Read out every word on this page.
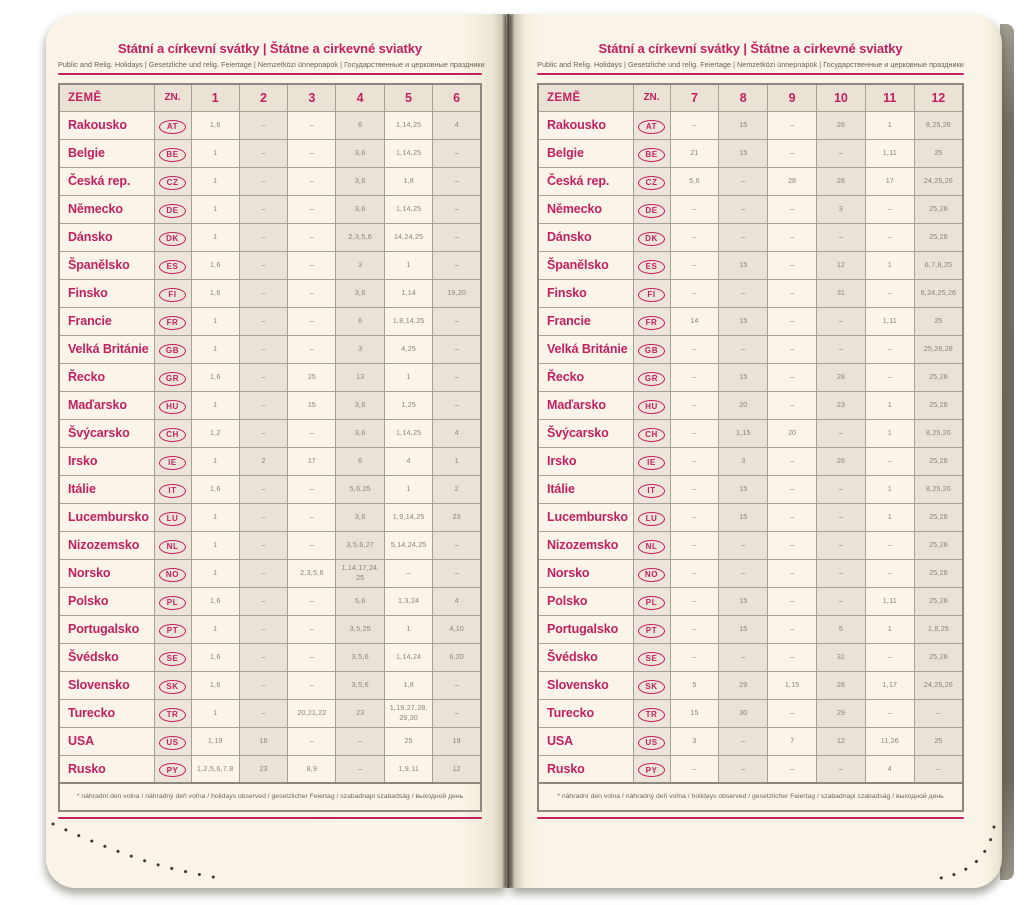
Státní a církevní svátky | Štátne a cirkevné sviatky
Public and Relig. Holidays | Gesetzliche und relig. Feiertage | Nemzetközi ünnepnapok | Государственные и церковные праздники
ZEMĚ	ZN.	1	2	3	4	5	6
Rakousko	AT	1, 6	–	–	6	1, 14, 25	4
Belgie	BE	1	–	–	3, 6	1, 14, 25	–
Česká rep.	CZ	1	–	–	3, 6	1, 8	–
Německo	DE	1	–	–	3, 6	1, 14, 25	–
Dánsko	DK	1	–	–	2, 3, 5, 6	14, 24, 25	–
Španělsko	ES	1, 6	–	–	3	1	–
Finsko	FI	1, 6	–	–	3, 6	1, 14	19, 20
Francie	FR	1	–	–	6	1, 8, 14, 25	–
Velká Británie	GB	1	–	–	3	4, 25	–
Řecko	GR	1, 6	–	25	13	1	–
Maďarsko	HU	1	–	15	3, 6	1, 25	–
Švýcarsko	CH	1, 2	–	–	3, 6	1, 14, 25	4
Irsko	IE	1	2	17	6	4	1
Itálie	IT	1, 6	–	–	5, 6, 25	1	2
Lucembursko	LU	1	–	–	3, 6	1, 9, 14, 25	23
Nizozemsko	NL	1	–	–	3, 5, 6, 27	5, 14, 24, 25	–
Norsko	NO	1	–	2, 3, 5, 6	1, 14, 17, 24, 25	–	–
Polsko	PL	1, 6	–	–	5, 6	1, 3, 24	4
Portugalsko	PT	1	–	–	3, 5, 25	1	4, 10
Švédsko	SE	1, 6	–	–	3, 5, 6	1, 14, 24	6, 20
Slovensko	SK	1, 6	–	–	3, 5, 6	1, 8	–
Turecko	TR	1	–	20, 21, 22	23	1, 19, 27, 28, 29, 30	–
USA	US	1, 19	16	–	–	25	19
Rusko	PY	1, 2, 5, 6, 7, 8	23	8, 9	–	1, 9, 11	12
* náhradní den volna / náhradný deň voľna / holidays observed / gesetzlicher Feiertag / szabadnapi szabadság / выходной день
Státní a církevní svátky | Štátne a cirkevné sviatky
Public and Relig. Holidays | Gesetzliche und relig. Feiertage | Nemzetközi ünnepnapok | Государственные и церковные праздники
ZEMĚ	ZN.	7	8	9	10	11	12
Rakousko	AT	–	15	–	26	1	8, 25, 26
Belgie	BE	21	15	–	–	1, 11	25
Česká rep.	CZ	5, 6	–	28	28	17	24, 25, 26
Německo	DE	–	–	–	3	–	25, 26
Dánsko	DK	–	–	–	–	–	25, 26
Španělsko	ES	–	15	–	12	1	6, 7, 8, 25
Finsko	FI	–	–	–	31	–	6, 24, 25, 26
Francie	FR	14	15	–	–	1, 11	25
Velká Británie	GB	–	–	–	–	–	25, 26, 28
Řecko	GR	–	15	–	28	–	25, 26
Maďarsko	HU	–	20	–	23	1	25, 26
Švýcarsko	CH	–	1, 15	20	–	1	8, 25, 26
Irsko	IE	–	3	–	26	–	25, 26
Itálie	IT	–	15	–	–	1	8, 25, 26
Lucembursko	LU	–	15	–	–	1	25, 26
Nizozemsko	NL	–	–	–	–	–	25, 26
Norsko	NO	–	–	–	–	–	25, 26
Polsko	PL	–	15	–	–	1, 11	25, 26
Portugalsko	PT	–	15	–	5	1	1, 8, 25
Švédsko	SE	–	–	–	31	–	25, 26
Slovensko	SK	5	29	1, 15	28	1, 17	24, 25, 26
Turecko	TR	15	30	–	29	–	–
USA	US	3	–	7	12	11, 26	25
Rusko	PY	–	–	–	–	4	–
* náhradní den volna / náhradný deň voľna / holidays observed / gesetzlicher Feiertag / szabadnapi szabadság / выходной день
